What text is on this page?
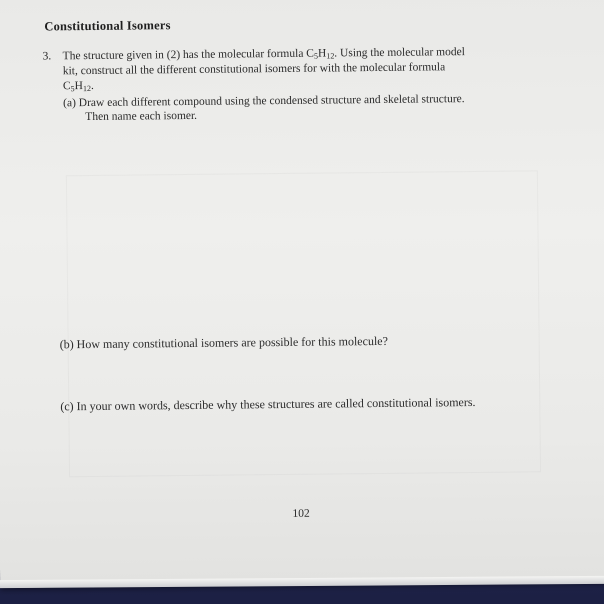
Constitutional Isomers
3. The structure given in (2) has the molecular formula $C_5H_{12}$. Using the molecular model
kit, construct all the different constitutional isomers for with the molecular formula
$C_5H_{12}$.
(a) Draw each different compound using the condensed structure and skeletal structure.
Then name each isomer.
(b) How many constitutional isomers are possible for this molecule?
(c) In your own words, describe why these structures are called constitutional isomers.
102
